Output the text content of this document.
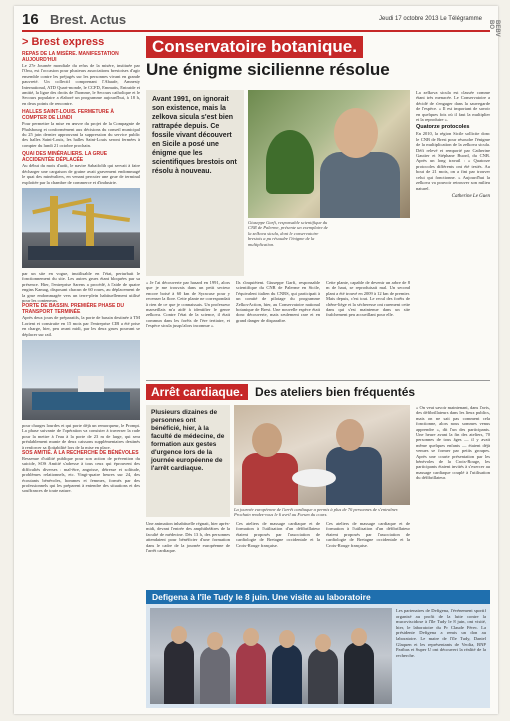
16 Brest. Actus	Jeudi 17 octobre 2013 Le Télégramme
BEBV BO
> Brest express
REPAS DE LA MISÈRE. MANIFESTATION AUJOURD'HUI

Le 27e Journée mondiale du refus de la misère, instituée par l'Onu, est l'occasion pour plusieurs associations brestoises d'agir ensemble contre les préjugés sur les personnes vivant en grande pauvreté. Un collectif comprenant l'Abaafe, Amnesty International, ATD Quart-monde, le CCFD, Emmaüs, Entraide et amitié, la ligue des droits de l'homme, le Secours catholique et le Secours populaire a élaboré un programme aujourd'hui, à 18 h, en deux points de rencontre.

HALLES SAINT-LOUIS. FERMETURE À COMPTER DE LUNDI

Pour permettre la mise en œuvre du projet de la Compagnie de Phalsbourg et conformément aux décisions du conseil municipal du 25 juin dernier approuvant la suppression du service public des halles Saint-Louis, les halles Saint-Louis seront fermées à compter du lundi 21 octobre prochain.

QUAI DES MINÉRALIERS. LA GRUE ACCIDENTÉE DÉPLACÉE

Au début du mois d'août, le navire Sabaifolth qui servait à faire décharger une cargaison de graine avait gravement endommagé le quai des minéraliers, en venant percuter une grue de terminal exploitée par la chambre de commerce et d'industrie.

par un site en vogue, inutilisable en l'état, perturbait le fonctionnement du site. Les autres grues étant bloquées par sa présence. Hier, l'entreprise Sarens a procédé, à l'aide de quatre engins Kamag, disposant chacun de 60 roues, au déplacement de la grue endommagée vers un terre-plein habituellement utilisé pour les conteneurs.

PORTE DE BASSIN. PREMIÈRE PHASE DU TRANSPORT TERMINÉE

Après deux jours de préparatifs, la porte de bassin destinée à TM Lorient et construite en 15 mois par l'entreprise CIB a été prise en charge, hier, peu avant midi, par les deux grues pouvant se déplacer sur rail.

pour charges lourdes et qui porte déjà un remorqueur, le Prompt. La phase suivante de l'opération va consister à traverser la rade pour la mettre à l'eau à la porte de 23 m de large, qui sera préalablement munie de deux caissons supplémentaires destinés à renforcer sa flottabilité lors de la mise en place.

SOS AMITIÉ. À LA RECHERCHE DE BÉNÉVOLES

Ressenue d'utilité publique pour son action de prévention du suicide, SOS Amitié s'adresse à tous ceux qui éprouvent des difficultés diverses : mal-être, angoisse, détresse et solitude, problèmes relationnels, etc. Vingt-quatre heures sur 24, des écoutants bénévoles, hommes et femmes, formés par des professionnels qui les préparent à entendre des situations et des souffrances de toute nature.

Conservatoire botanique.
Une énigme sicilienne résolue

Avant 1991, on ignorait son existence, mais la zelkova sicula s'est bien rattrapée depuis. Ce fossile vivant découvert en Sicile a posé une énigme que les scientifiques brestois ont résolu à nouveau.

Giuseppe Garfi, responsable scientifique du CNR de Palerme, présente un exemplaire de la zelkova sicula, dont le conservatoire brestois a pu résoudre l'énigme de la multiplication.

« Je l'ai découverte par hasard en 1991, alors que je me trouvais dans un petit secteur encore boisé à 60 km de Syracuse pour y recenser la flore. Cette plante ne correspondait à rien de ce que je connaissais. Un professeur marseillais m'a aidé à identifier le genre zelkova. Contre l'état de la science, il était commun dans les forêts de l'ère tertiaire, et l'espèce sicula jusqu'alors inconnue ».

Ils s'inquiètent. Giuseppe Garfi, responsable scientifique du CNR de Palerme en Sicile, l'équivalent italien du CNRS, qui participait à un comité de pilotage du programme ZelkovAction, hier, au Conservatoire national botanique de Brest. Une nouvelle espèce était donc découverte, mais seulement rare et en grand danger de disparaître.

Cette plante, capable de devenir un arbre de 8 m de haut, se reproduisait mal. Un second plant a été trouvé en 2009 à 12 km de premier. Mais depuis, c'est tout. Le recul des forêts de chêne-liège et la sécheresse ont rarement cette dans qui s'est maintenue dans un site fraîchement peu accueillant pour elle.

La zelkova sicula est classée comme étant très menacée. Le Conservatoire a décidé de s'engager dans la sauvegarde de l'espèce. « Il est important de savoir en quelques fois où il faut la multiplier et la reproduire ».

Quatorze protocoles

En 2010, la région Sicile sollicite donc le CNB de Brest pour résoudre l'énigme de la multiplication de la zelkova sicula. Défi relevé et remporté par Catherine Gautier et Stéphane Buord, du CNB. Après un long travail : « Quatorze protocoles différents ont été testés. Au bout de 21 mois, on a fini par trouver celui qui fonctionne. » Aujourd'hui la zelkova va pouvoir retrouver son milieu naturel.

Catherine Le Guen

Arrêt cardiaque. Des ateliers bien fréquentés

Plusieurs dizaines de personnes ont bénéficié, hier, à la faculté de médecine, de formation aux gestes d'urgence lors de la journée européenne de l'arrêt cardiaque.

La journée européenne de l'arrêt cardiaque a permis à plus de 70 personnes de s'entraîner. Prochain rendez-vous le 6 avril au Forum du cours.

Une animation inhabituelle régnait, hier après-midi, devant l'entrée des amphithéâtres de la faculté de médecine. Dès 13 h, des personnes attendaient pour bénéficier d'une formation dans le cadre de la journée européenne de l'arrêt cardiaque.

Ces ateliers de massage cardiaque et de formation à l'utilisation d'un défibrillateur étaient proposés par l'association de cardiologie de Bretagne occidentale et la Croix-Rouge française.

Ces ateliers de massage cardiaque et de formation à l'utilisation d'un défibrillateur étaient proposés par l'association de cardiologie de Bretagne occidentale et la Croix-Rouge française.

« On veut savoir maintenant, dans l'avis, des défibrillateurs dans les lieux publics, mais on ne sait pas comment cela fonctionne, alors nous sommes venus apprendre », dit l'un des participants. Une heure avant la fin des ateliers, 70 personnes de tous âges — il y avait même quelques enfants — étaient déjà venues se former par petits groupes. Après une courte présentation par les bénévoles de la Croix-Rouge, les participants étaient invités à s'exercer au massage cardiaque couplé à l'utilisation du défibrillateur.

Defigena à l'île Tudy le 8 juin. Une visite au laboratoire

Les partenaires de Defigena, l'événement sportif organisé au profit de la lutte contre la mucoviscidose à l'île Tudy le 8 juin, ont visité, hier, le laboratoire du Pr Claude Férec. La présidente Defigena a remis un don au laboratoire. Le maire de l'île Tudy, Daniel Glaquen et les représentants de Veolia, BNP Paribas et Super U ont découvert la réalité de la recherche.
